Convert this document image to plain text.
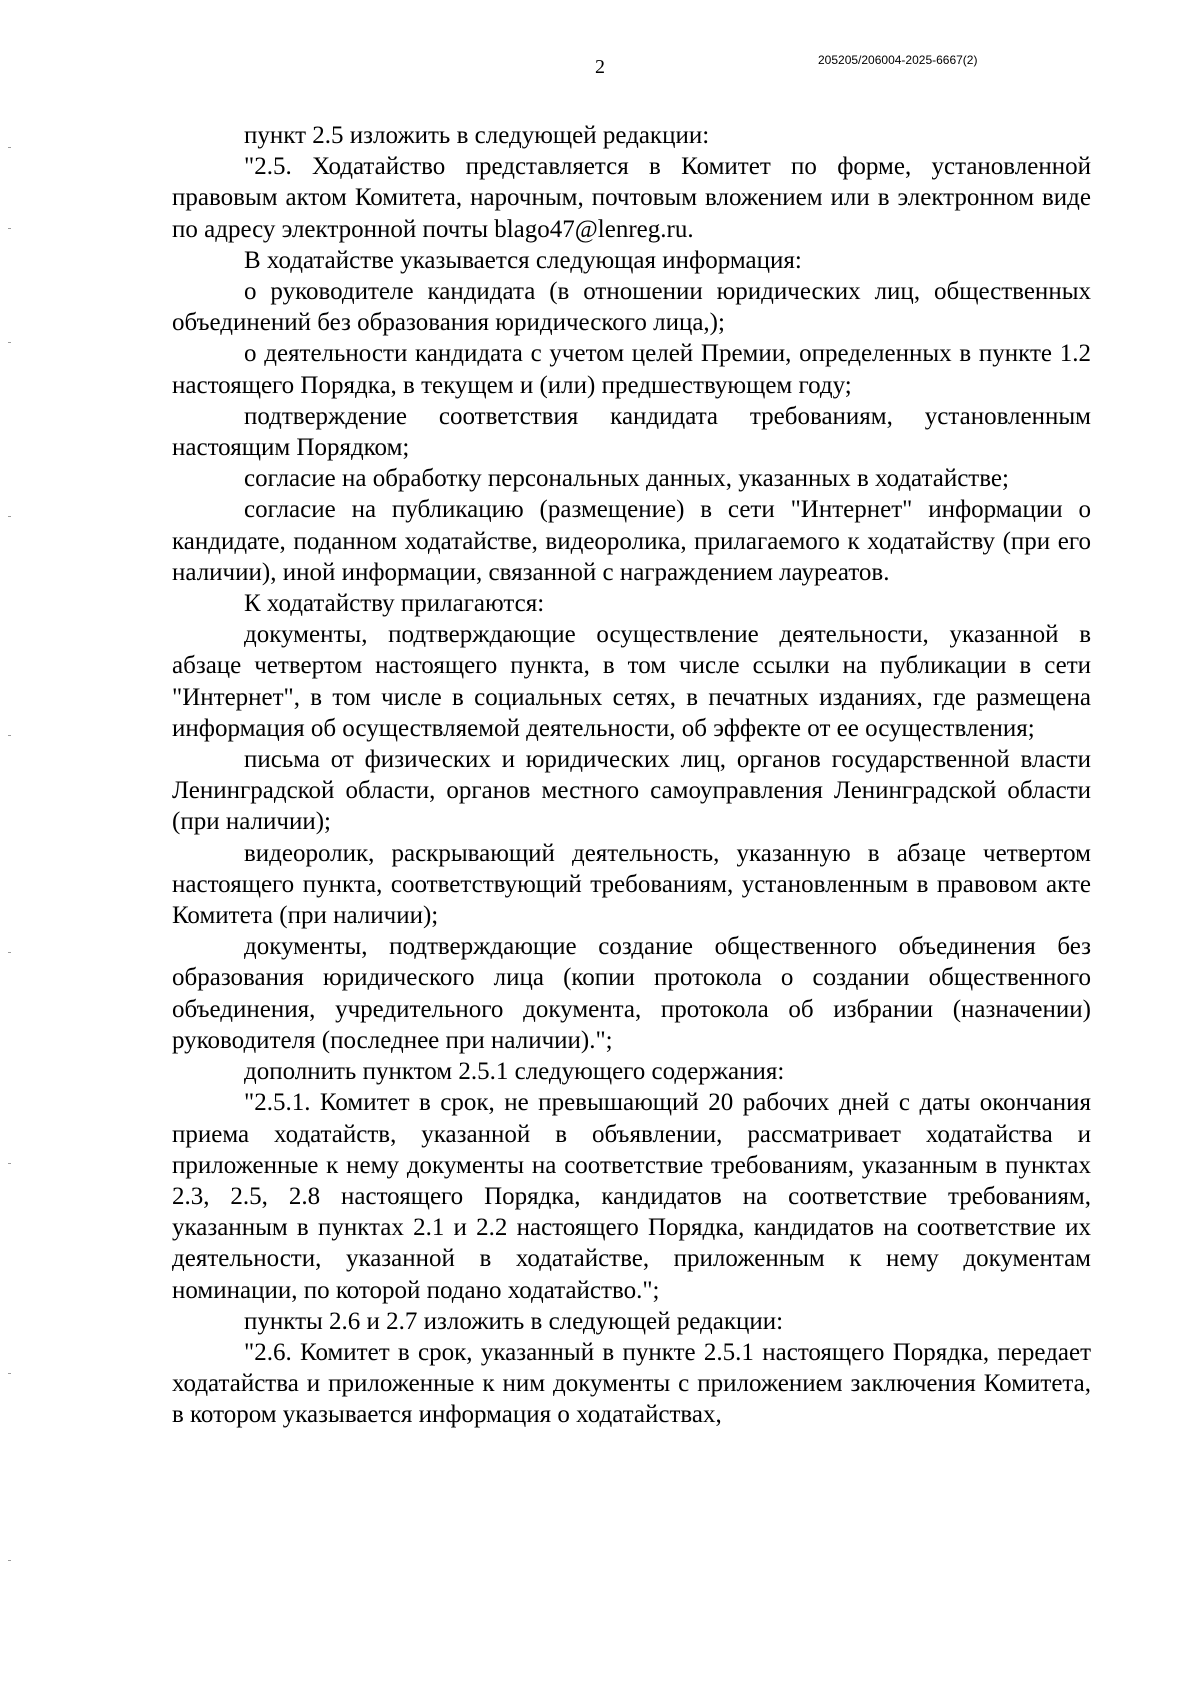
2	205205/206004-2025-6667(2)

пункт 2.5 изложить в следующей редакции:

"2.5. Ходатайство представляется в Комитет по форме, установленной правовым актом Комитета, нарочным, почтовым вложением или в электронном виде по адресу электронной почты blago47@lenreg.ru.

В ходатайстве указывается следующая информация:

о руководителе кандидата (в отношении юридических лиц, общественных объединений без образования юридического лица,);

о деятельности кандидата с учетом целей Премии, определенных в пункте 1.2 настоящего Порядка, в текущем и (или) предшествующем году;

подтверждение соответствия кандидата требованиям, установленным настоящим Порядком;

согласие на обработку персональных данных, указанных в ходатайстве;

согласие на публикацию (размещение) в сети "Интернет" информации о кандидате, поданном ходатайстве, видеоролика, прилагаемого к ходатайству (при его наличии), иной информации, связанной с награждением лауреатов.

К ходатайству прилагаются:

документы, подтверждающие осуществление деятельности, указанной в абзаце четвертом настоящего пункта, в том числе ссылки на публикации в сети "Интернет", в том числе в социальных сетях, в печатных изданиях, где размещена информация об осуществляемой деятельности, об эффекте от ее осуществления;

письма от физических и юридических лиц, органов государственной власти Ленинградской области, органов местного самоуправления Ленинградской области (при наличии);

видеоролик, раскрывающий деятельность, указанную в абзаце четвертом настоящего пункта, соответствующий требованиям, установленным в правовом акте Комитета (при наличии);

документы, подтверждающие создание общественного объединения без образования юридического лица (копии протокола о создании общественного объединения, учредительного документа, протокола об избрании (назначении) руководителя (последнее при наличии).";

дополнить пунктом 2.5.1 следующего содержания:

"2.5.1. Комитет в срок, не превышающий 20 рабочих дней с даты окончания приема ходатайств, указанной в объявлении, рассматривает ходатайства и приложенные к нему документы на соответствие требованиям, указанным в пунктах 2.3, 2.5, 2.8 настоящего Порядка, кандидатов на соответствие требованиям, указанным в пунктах 2.1 и 2.2 настоящего Порядка, кандидатов на соответствие их деятельности, указанной в ходатайстве, приложенным к нему документам номинации, по которой подано ходатайство.";

пункты 2.6 и 2.7 изложить в следующей редакции:

"2.6. Комитет в срок, указанный в пункте 2.5.1 настоящего Порядка, передает ходатайства и приложенные к ним документы с приложением заключения Комитета, в котором указывается информация о ходатайствах,
